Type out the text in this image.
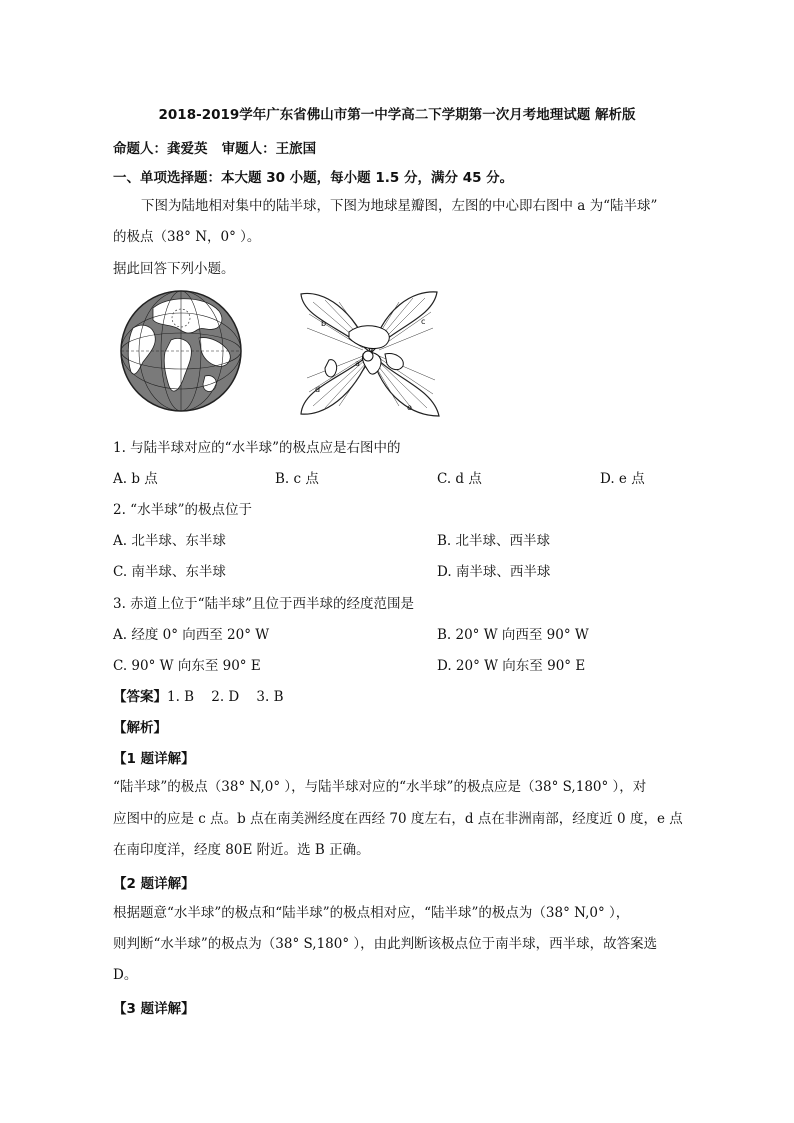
2018-2019学年广东省佛山市第一中学高二下学期第一次月考地理试题 解析版
命题人：龚爱英   审题人：王旅国
一、单项选择题：本大题 30 小题，每小题 1.5 分，满分 45 分。
下图为陆地相对集中的陆半球，下图为地球星瓣图，左图的中心即右图中 a 为“陆半球”
的极点（38° N，0° ）。
据此回答下列小题。
a
b	c
d
e
1. 与陆半球对应的“水半球”的极点应是右图中的
A. b 点	B. c 点	C. d 点	D. e 点
2. “水半球”的极点位于
A. 北半球、东半球	B. 北半球、西半球
C. 南半球、东半球	D. 南半球、西半球
3. 赤道上位于“陆半球”且位于西半球的经度范围是
A. 经度 0° 向西至 20° W	B. 20° W 向西至 90° W
C. 90° W 向东至 90° E	D. 20° W 向东至 90° E
【答案】1. B    2. D    3. B
【解析】
【1 题详解】
“陆半球”的极点（38° N,0° ），与陆半球对应的“水半球”的极点应是（38° S,180° ），对
应图中的应是 c 点。b 点在南美洲经度在西经 70 度左右，d 点在非洲南部，经度近 0 度，e 点
在南印度洋，经度 80E 附近。选 B 正确。
【2 题详解】
根据题意“水半球”的极点和“陆半球”的极点相对应，“陆半球”的极点为（38° N,0° ），
则判断“水半球”的极点为（38° S,180° ），由此判断该极点位于南半球，西半球，故答案选
D。
【3 题详解】
